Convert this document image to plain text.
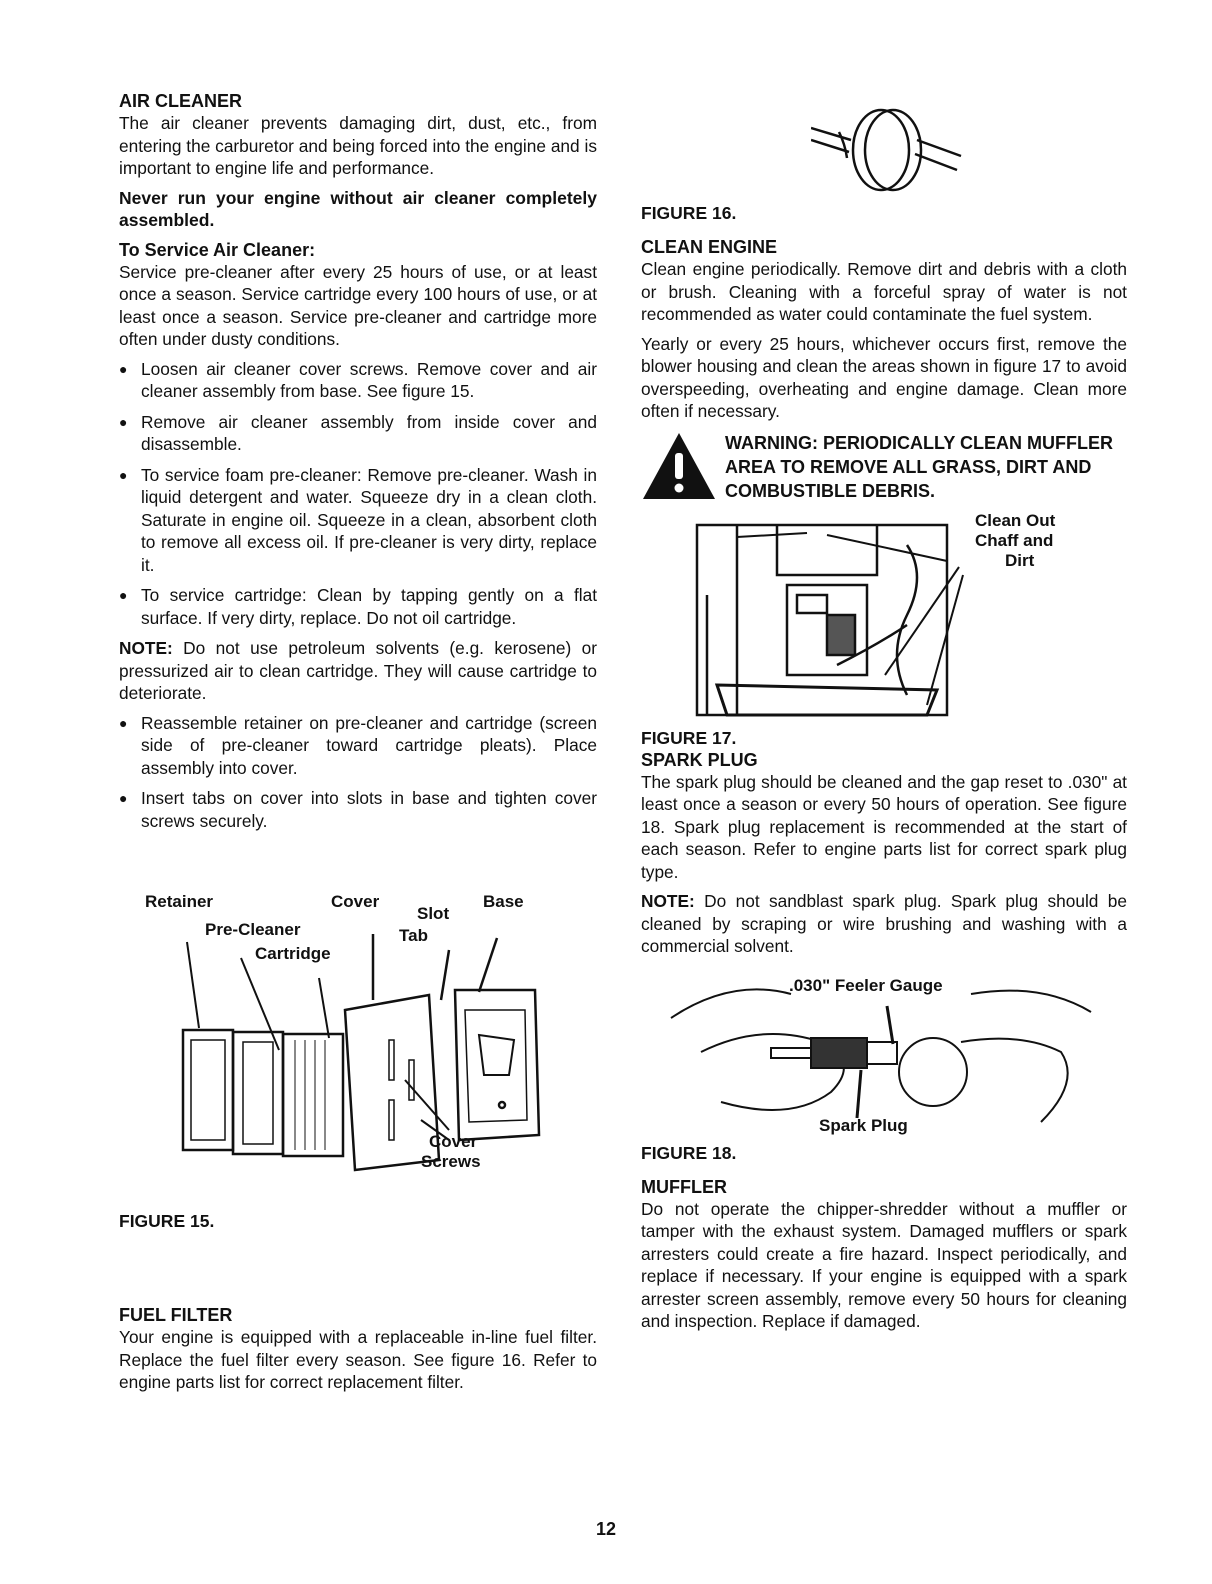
AIR CLEANER

The air cleaner prevents damaging dirt, dust, etc., from entering the carburetor and being forced into the engine and is important to engine life and performance.

Never run your engine without air cleaner completely assembled.

To Service Air Cleaner:

Service pre-cleaner after every 25 hours of use, or at least once a season. Service cartridge every 100 hours of use, or at least once a season. Service pre-cleaner and cartridge more often under dusty conditions.

● Loosen air cleaner cover screws. Remove cover and air cleaner assembly from base. See figure 15.
● Remove air cleaner assembly from inside cover and disassemble.
● To service foam pre-cleaner: Remove pre-cleaner. Wash in liquid detergent and water. Squeeze dry in a clean cloth. Saturate in engine oil. Squeeze in a clean, absorbent cloth to remove all excess oil. If pre-cleaner is very dirty, replace it.
● To service cartridge: Clean by tapping gently on a flat surface. If very dirty, replace. Do not oil cartridge.

NOTE: Do not use petroleum solvents (e.g. kerosene) or pressurized air to clean cartridge. They will cause cartridge to deteriorate.

● Reassemble retainer on pre-cleaner and cartridge (screen side of pre-cleaner toward cartridge pleats). Place assembly into cover.
● Insert tabs on cover into slots in base and tighten cover screws securely.
Retainer
Pre-Cleaner
Cartridge
Cover
Slot
Tab
Base
Cover
Screws
FIGURE 15.
FUEL FILTER

Your engine is equipped with a replaceable in-line fuel filter. Replace the fuel filter every season. See figure 16. Refer to engine parts list for correct replacement filter.

FIGURE 16.
CLEAN ENGINE

Clean engine periodically. Remove dirt and debris with a cloth or brush. Cleaning with a forceful spray of water is not recommended as water could contaminate the fuel system.

Yearly or every 25 hours, whichever occurs first, remove the blower housing and clean the areas shown in figure 17 to avoid overspeeding, overheating and engine damage. Clean more often if necessary.

WARNING: PERIODICALLY CLEAN MUFFLER AREA TO REMOVE ALL GRASS, DIRT AND COMBUSTIBLE DEBRIS.
Clean Out
Chaff and
Dirt
FIGURE 17.
SPARK PLUG

The spark plug should be cleaned and the gap reset to .030" at least once a season or every 50 hours of operation. See figure 18. Spark plug replacement is recommended at the start of each season. Refer to engine parts list for correct spark plug type.

NOTE: Do not sandblast spark plug. Spark plug should be cleaned by scraping or wire brushing and washing with a commercial solvent.

.030" Feeler Gauge
Spark Plug
FIGURE 18.
MUFFLER

Do not operate the chipper-shredder without a muffler or tamper with the exhaust system. Damaged mufflers or spark arresters could create a fire hazard. Inspect periodically, and replace if necessary. If your engine is equipped with a spark arrester screen assembly, remove every 50 hours for cleaning and inspection. Replace if damaged.

12
